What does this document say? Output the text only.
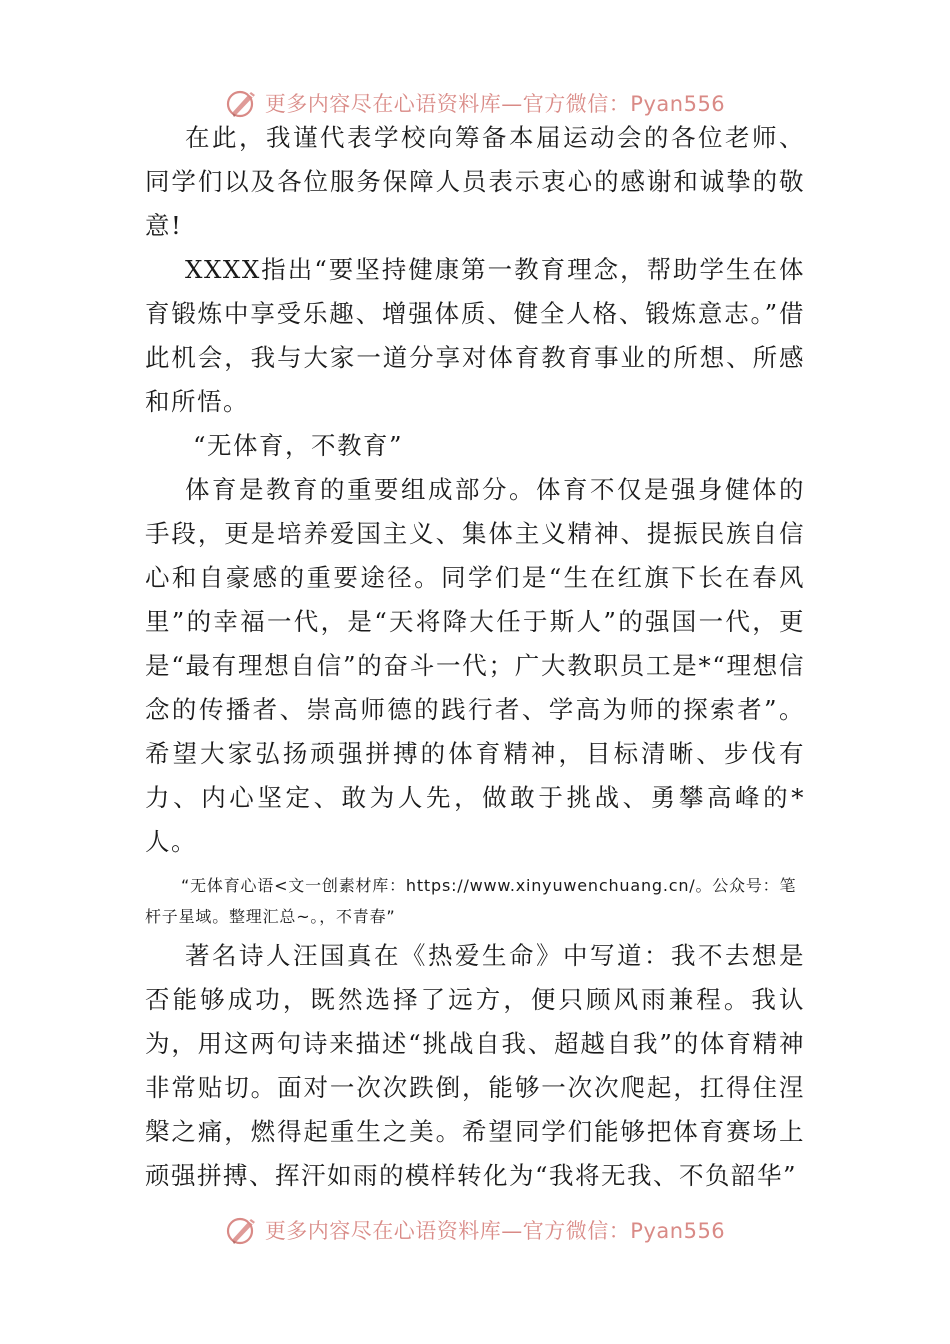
更多内容尽在心语资料库—官方微信：Pyan556

在此，我谨代表学校向筹备本届运动会的各位老师、同学们以及各位服务保障人员表示衷心的感谢和诚挚的敬意!

XXXX指出“要坚持健康第一教育理念，帮助学生在体育锻炼中享受乐趣、增强体质、健全人格、锻炼意志。”借此机会，我与大家一道分享对体育教育事业的所想、所感和所悟。

“无体育，不教育”

体育是教育的重要组成部分。体育不仅是强身健体的手段，更是培养爱国主义、集体主义精神、提振民族自信心和自豪感的重要途径。同学们是“生在红旗下长在春风里”的幸福一代，是“天将降大任于斯人”的强国一代，更是“最有理想自信”的奋斗一代；广大教职员工是*“理想信念的传播者、崇高师德的践行者、学高为师的探索者”。希望大家弘扬顽强拼搏的体育精神，目标清晰、步伐有力、内心坚定、敢为人先，做敢于挑战、勇攀高峰的*人。

“无体育心语<文一创素材库：https://www.xinyuwenchuang.cn/。公众号：笔杆子星域。整理汇总~。，不青春”

著名诗人汪国真在《热爱生命》中写道：我不去想是否能够成功，既然选择了远方，便只顾风雨兼程。我认为，用这两句诗来描述“挑战自我、超越自我”的体育精神非常贴切。面对一次次跌倒，能够一次次爬起，扛得住涅槃之痛，燃得起重生之美。希望同学们能够把体育赛场上顽强拼搏、挥汗如雨的模样转化为“我将无我、不负韶华”

更多内容尽在心语资料库—官方微信：Pyan556
